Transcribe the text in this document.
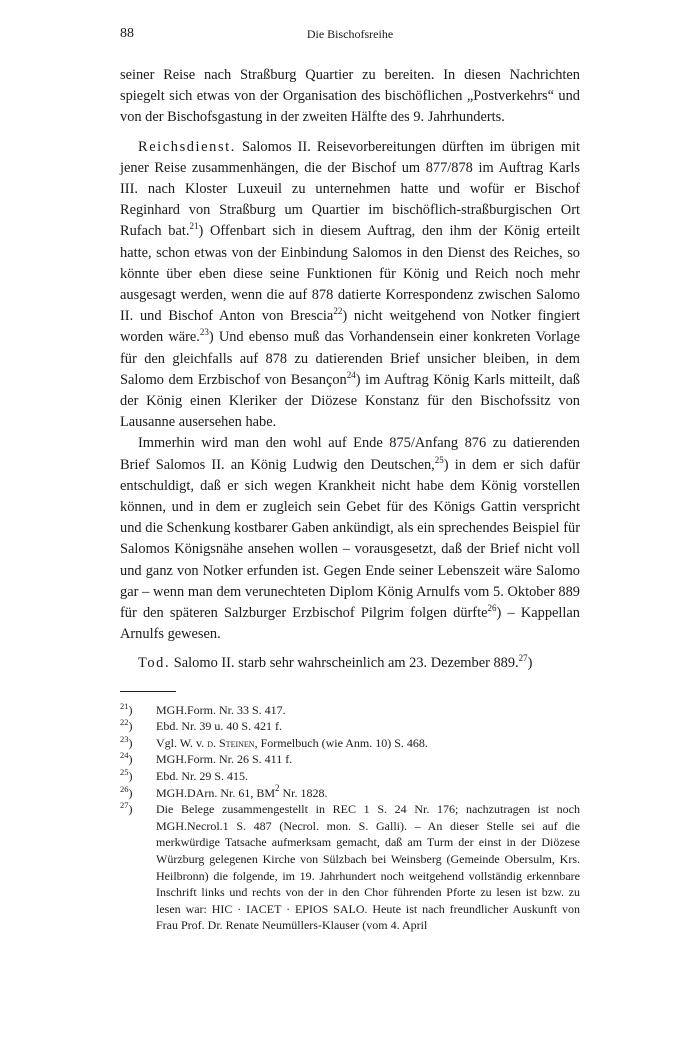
88	Die Bischofsreihe

seiner Reise nach Straßburg Quartier zu bereiten. In diesen Nachrichten spiegelt sich etwas von der Organisation des bischöflichen „Postverkehrs“ und von der Bischofsgastung in der zweiten Hälfte des 9. Jahrhunderts.

Reichsdienst. Salomos II. Reisevorbereitungen dürften im übrigen mit jener Reise zusammenhängen, die der Bischof um 877/878 im Auftrag Karls III. nach Kloster Luxeuil zu unternehmen hatte und wofür er Bischof Reginhard von Straßburg um Quartier im bischöflich-straßburgischen Ort Rufach bat.$^{21}$) Offenbart sich in diesem Auftrag, den ihm der König erteilt hatte, schon etwas von der Einbindung Salomos in den Dienst des Reiches, so könnte über eben diese seine Funktionen für König und Reich noch mehr ausgesagt werden, wenn die auf 878 datierte Korrespondenz zwischen Salomo II. und Bischof Anton von Brescia$^{22}$) nicht weitgehend von Notker fingiert worden wäre.$^{23}$) Und ebenso muß das Vorhandensein einer konkreten Vorlage für den gleichfalls auf 878 zu datierenden Brief unsicher bleiben, in dem Salomo dem Erzbischof von Besançon$^{24}$) im Auftrag König Karls mitteilt, daß der König einen Kleriker der Diözese Konstanz für den Bischofssitz von Lausanne ausersehen habe.

Immerhin wird man den wohl auf Ende 875/Anfang 876 zu datierenden Brief Salomos II. an König Ludwig den Deutschen,$^{25}$) in dem er sich dafür entschuldigt, daß er sich wegen Krankheit nicht habe dem König vorstellen können, und in dem er zugleich sein Gebet für des Königs Gattin verspricht und die Schenkung kostbarer Gaben ankündigt, als ein sprechendes Beispiel für Salomos Königsnähe ansehen wollen – vorausgesetzt, daß der Brief nicht voll und ganz von Notker erfunden ist. Gegen Ende seiner Lebenszeit wäre Salomo gar – wenn man dem verunechteten Diplom König Arnulfs vom 5. Oktober 889 für den späteren Salzburger Erzbischof Pilgrim folgen dürfte$^{26}$) – Kappellan Arnulfs gewesen.

Tod. Salomo II. starb sehr wahrscheinlich am 23. Dezember 889.27)

$^{21}$)	MGH.Form. Nr. 33 S. 417.
$^{22}$)	Ebd. Nr. 39 u. 40 S. 421 f.
$^{23}$)	Vgl. W. v. d. Steinen, Formelbuch (wie Anm. 10) S. 468.
$^{24}$)	MGH.Form. Nr. 26 S. 411 f.
$^{25}$)	Ebd. Nr. 29 S. 415.
$^{26}$)	MGH.DArn. Nr. 61, $BM^2$ Nr. 1828.
$^{27}$)	Die Belege zusammengestellt in REC 1 S. 24 Nr. 176; nachzutragen ist noch MGH.Necrol.1 S. 487 (Necrol. mon. S. Galli). – An dieser Stelle sei auf die merkwürdige Tatsache aufmerksam gemacht, daß am Turm der einst in der Diözese Würzburg gelegenen Kirche von Sülzbach bei Weinsberg (Gemeinde Obersulm, Krs. Heilbronn) die folgende, im 19. Jahrhundert noch weitgehend vollständig erkennbare Inschrift links und rechts von der in den Chor führenden Pforte zu lesen ist bzw. zu lesen war: HIC · IACET · EPIOS SALO. Heute ist nach freundlicher Auskunft von Frau Prof. Dr. Renate Neumüllers-Klauser (vom 4. April
